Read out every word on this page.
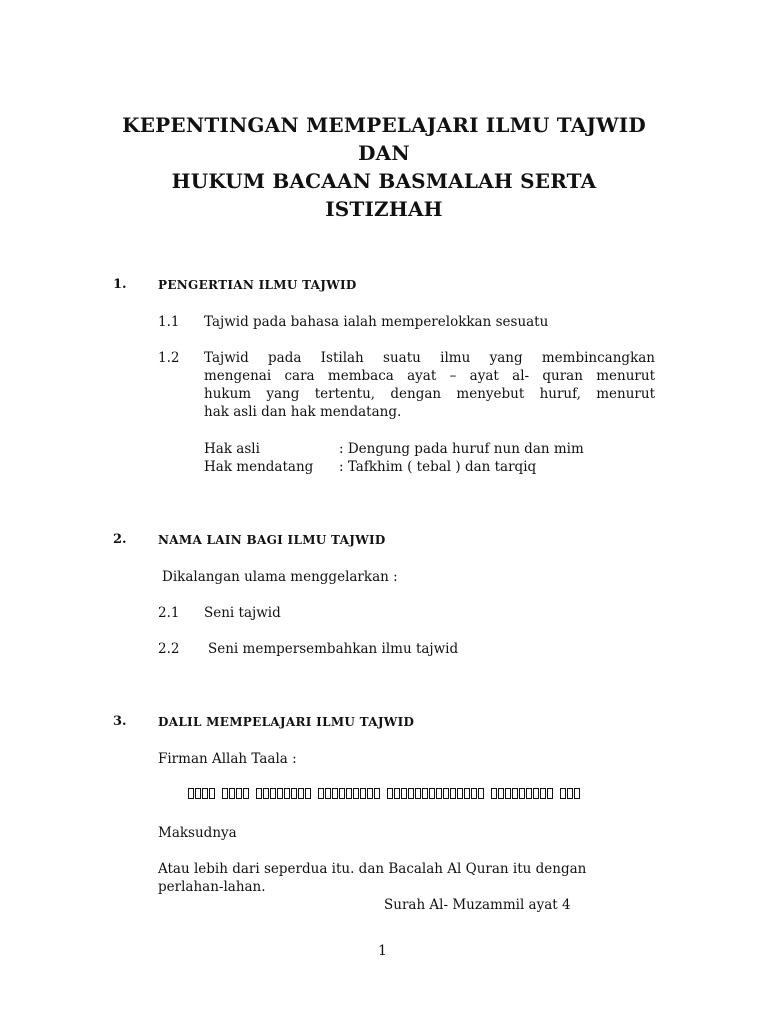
KEPENTINGAN MEMPELAJARI ILMU TAJWID
DAN
HUKUM BACAAN BASMALAH SERTA
ISTIZHAH
1.	PENGERTIAN ILMU TAJWID
1.1 Tajwid pada bahasa ialah memperelokkan sesuatu
1.2 Tajwid pada Istilah suatu ilmu yang membincangkan
mengenai cara membaca ayat – ayat al- quran menurut
hukum yang tertentu, dengan menyebut huruf, menurut
hak asli dan hak mendatang.
Hak asli	: Dengung pada huruf nun dan mim
Hak mendatang : Tafkhim ( tebal ) dan tarqiq
2.	NAMA LAIN BAGI ILMU TAJWID
Dikalangan ulama menggelarkan :
2.1 Seni tajwid
2.2 Seni mempersembahkan ilmu tajwid
3.	DALIL MEMPELAJARI ILMU TAJWID
Firman Allah Taala :
Maksudnya
Atau lebih dari seperdua itu. dan Bacalah Al Quran itu dengan
perlahan-lahan.
Surah Al- Muzammil ayat 4
1
